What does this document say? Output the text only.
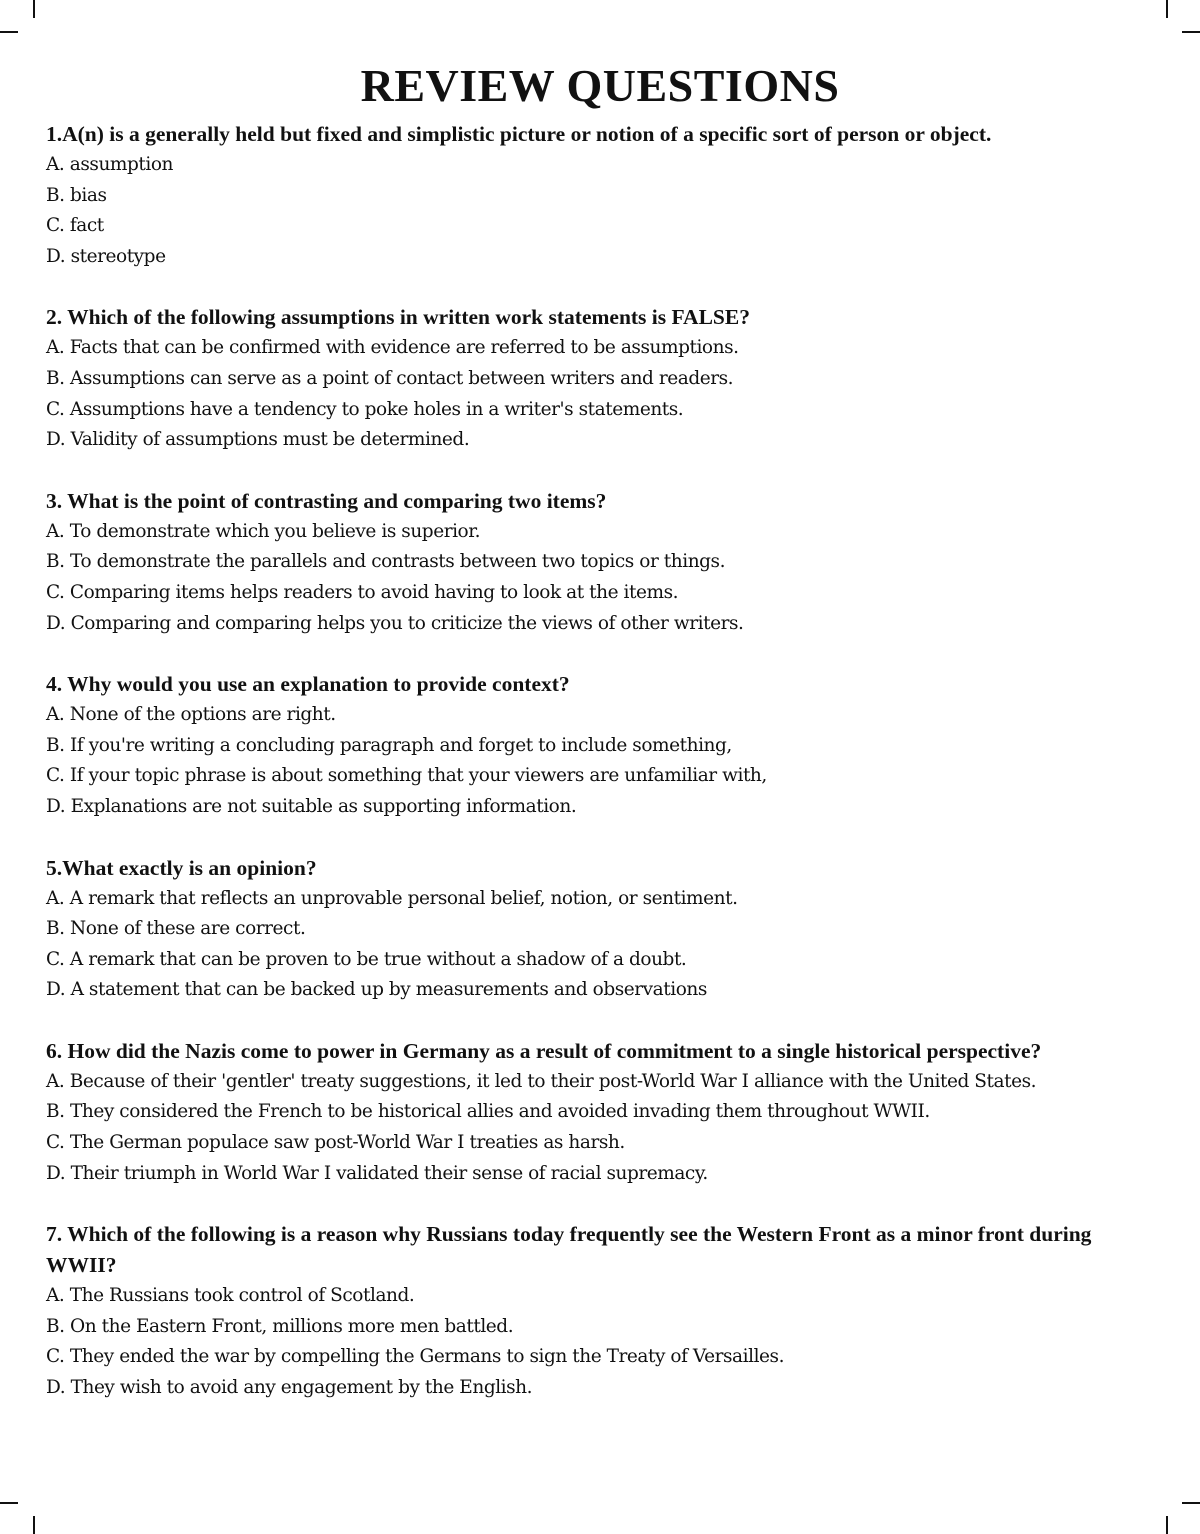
REVIEW QUESTIONS

1.A(n) is a generally held but fixed and simplistic picture or notion of a specific sort of person or object.

A. assumption
B. bias
C. fact
D. stereotype

2. Which of the following assumptions in written work statements is FALSE?

A. Facts that can be confirmed with evidence are referred to be assumptions.
B. Assumptions can serve as a point of contact between writers and readers.
C. Assumptions have a tendency to poke holes in a writer's statements.
D. Validity of assumptions must be determined.

3. What is the point of contrasting and comparing two items?

A. To demonstrate which you believe is superior.
B. To demonstrate the parallels and contrasts between two topics or things.
C. Comparing items helps readers to avoid having to look at the items.
D. Comparing and comparing helps you to criticize the views of other writers.

4. Why would you use an explanation to provide context?

A. None of the options are right.
B. If you're writing a concluding paragraph and forget to include something,
C. If your topic phrase is about something that your viewers are unfamiliar with,
D. Explanations are not suitable as supporting information.

5.What exactly is an opinion?

A. A remark that reflects an unprovable personal belief, notion, or sentiment.
B. None of these are correct.
C. A remark that can be proven to be true without a shadow of a doubt.
D. A statement that can be backed up by measurements and observations

6. How did the Nazis come to power in Germany as a result of commitment to a single historical perspective?

A. Because of their 'gentler' treaty suggestions, it led to their post-World War I alliance with the United States.
B. They considered the French to be historical allies and avoided invading them throughout WWII.
C. The German populace saw post-World War I treaties as harsh.
D. Their triumph in World War I validated their sense of racial supremacy.

7. Which of the following is a reason why Russians today frequently see the Western Front as a minor front during WWII?

A. The Russians took control of Scotland.
B. On the Eastern Front, millions more men battled.
C. They ended the war by compelling the Germans to sign the Treaty of Versailles.
D. They wish to avoid any engagement by the English.
